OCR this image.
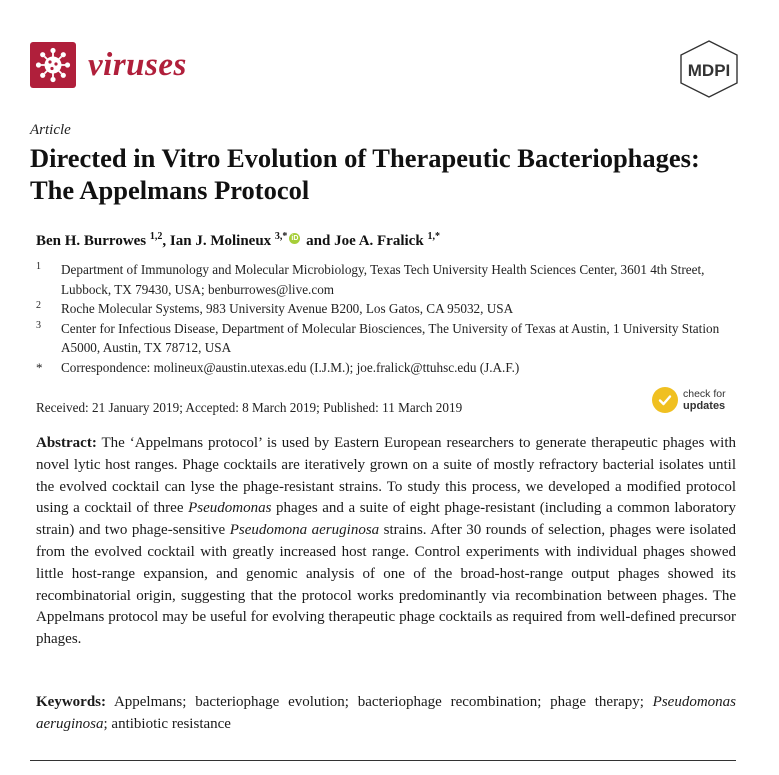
viruses	MDPI
Article
Directed in Vitro Evolution of Therapeutic Bacteriophages: The Appelmans Protocol
Ben H. Burrowes $^{1,2}$, Ian J. Molineux $^{3,*}$ iD and Joe A. Fralick $^{1,*}$
1 Department of Immunology and Molecular Microbiology, Texas Tech University Health Sciences Center, 3601 4th Street, Lubbock, TX 79430, USA; benburrowes@live.com
2 Roche Molecular Systems, 983 University Avenue B200, Los Gatos, CA 95032, USA
3 Center for Infectious Disease, Department of Molecular Biosciences, The University of Texas at Austin, 1 University Station A5000, Austin, TX 78712, USA
* Correspondence: molineux@austin.utexas.edu (I.J.M.); joe.fralick@ttuhsc.edu (J.A.F.)
Received: 21 January 2019; Accepted: 8 March 2019; Published: 11 March 2019
check for
updates

Abstract: The ‘Appelmans protocol’ is used by Eastern European researchers to generate therapeutic phages with novel lytic host ranges. Phage cocktails are iteratively grown on a suite of mostly refractory bacterial isolates until the evolved cocktail can lyse the phage-resistant strains. To study this process, we developed a modified protocol using a cocktail of three Pseudomonas phages and a suite of eight phage-resistant (including a common laboratory strain) and two phage-sensitive Pseudomona aeruginosa strains. After 30 rounds of selection, phages were isolated from the evolved cocktail with greatly increased host range. Control experiments with individual phages showed little host-range expansion, and genomic analysis of one of the broad-host-range output phages showed its recombinatorial origin, suggesting that the protocol works predominantly via recombination between phages. The Appelmans protocol may be useful for evolving therapeutic phage cocktails as required from well-defined precursor phages.

Keywords: Appelmans; bacteriophage evolution; bacteriophage recombination; phage therapy; Pseudomonas aeruginosa; antibiotic resistance
